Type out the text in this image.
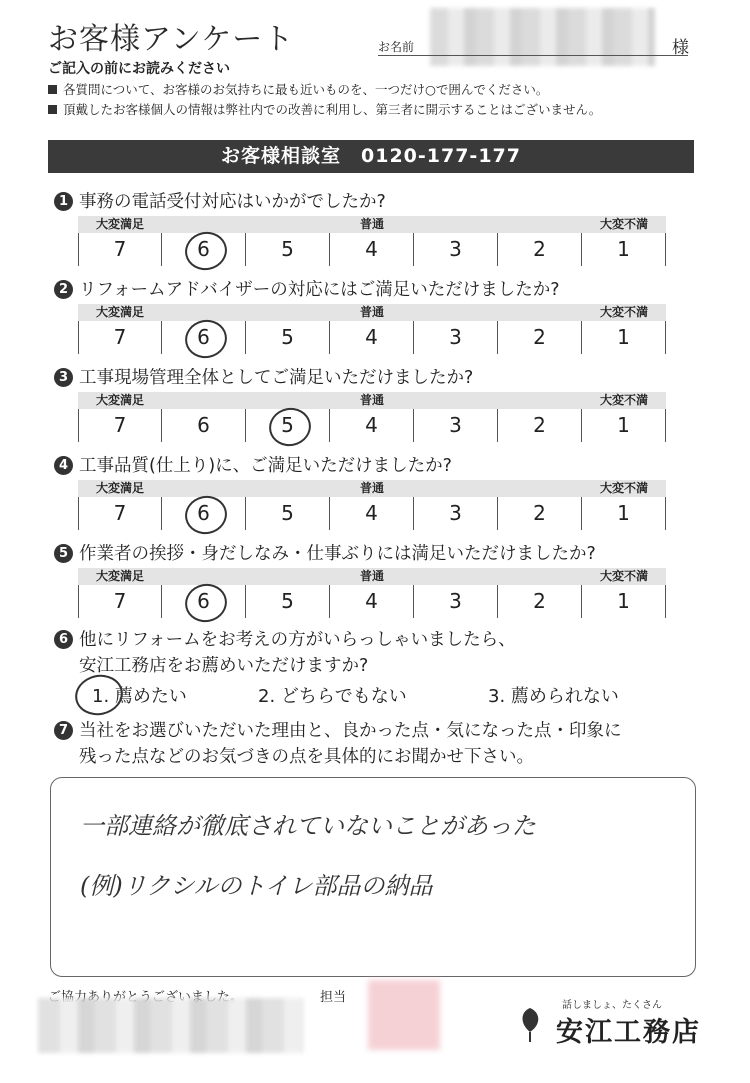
お客様アンケート	お名前	様
ご記入の前にお読みください
各質問について、お客様のお気持ちに最も近いものを、一つだけ○で囲んでください。
頂戴したお客様個人の情報は弊社内での改善に利用し、第三者に開示することはございません。
お客様相談室　0120-177-177
1 事務の電話受付対応はいかがでしたか?
大変満足	普通	大変不満
7	6	5	4	3	2	1
2 リフォームアドバイザーの対応にはご満足いただけましたか?
大変満足	普通	大変不満
7	6	5	4	3	2	1
3 工事現場管理全体としてご満足いただけましたか?
大変満足	普通	大変不満
7	6	5	4	3	2	1
4 工事品質(仕上り)に、ご満足いただけましたか?
大変満足	普通	大変不満
7	6	5	4	3	2	1
5 作業者の挨拶・身だしなみ・仕事ぶりには満足いただけましたか?
大変満足	普通	大変不満
7	6	5	4	3	2	1
6 他にリフォームをお考えの方がいらっしゃいましたら、
安江工務店をお薦めいただけますか?
1. 薦めたい	2. どちらでもない	3. 薦められない
7 当社をお選びいただいた理由と、良かった点・気になった点・印象に
残った点などのお気づきの点を具体的にお聞かせ下さい。
一部連絡が徹底されていないことがあった
(例)リクシルのトイレ部品の納品
担当
話しましょ、たくさん
安江工務店
